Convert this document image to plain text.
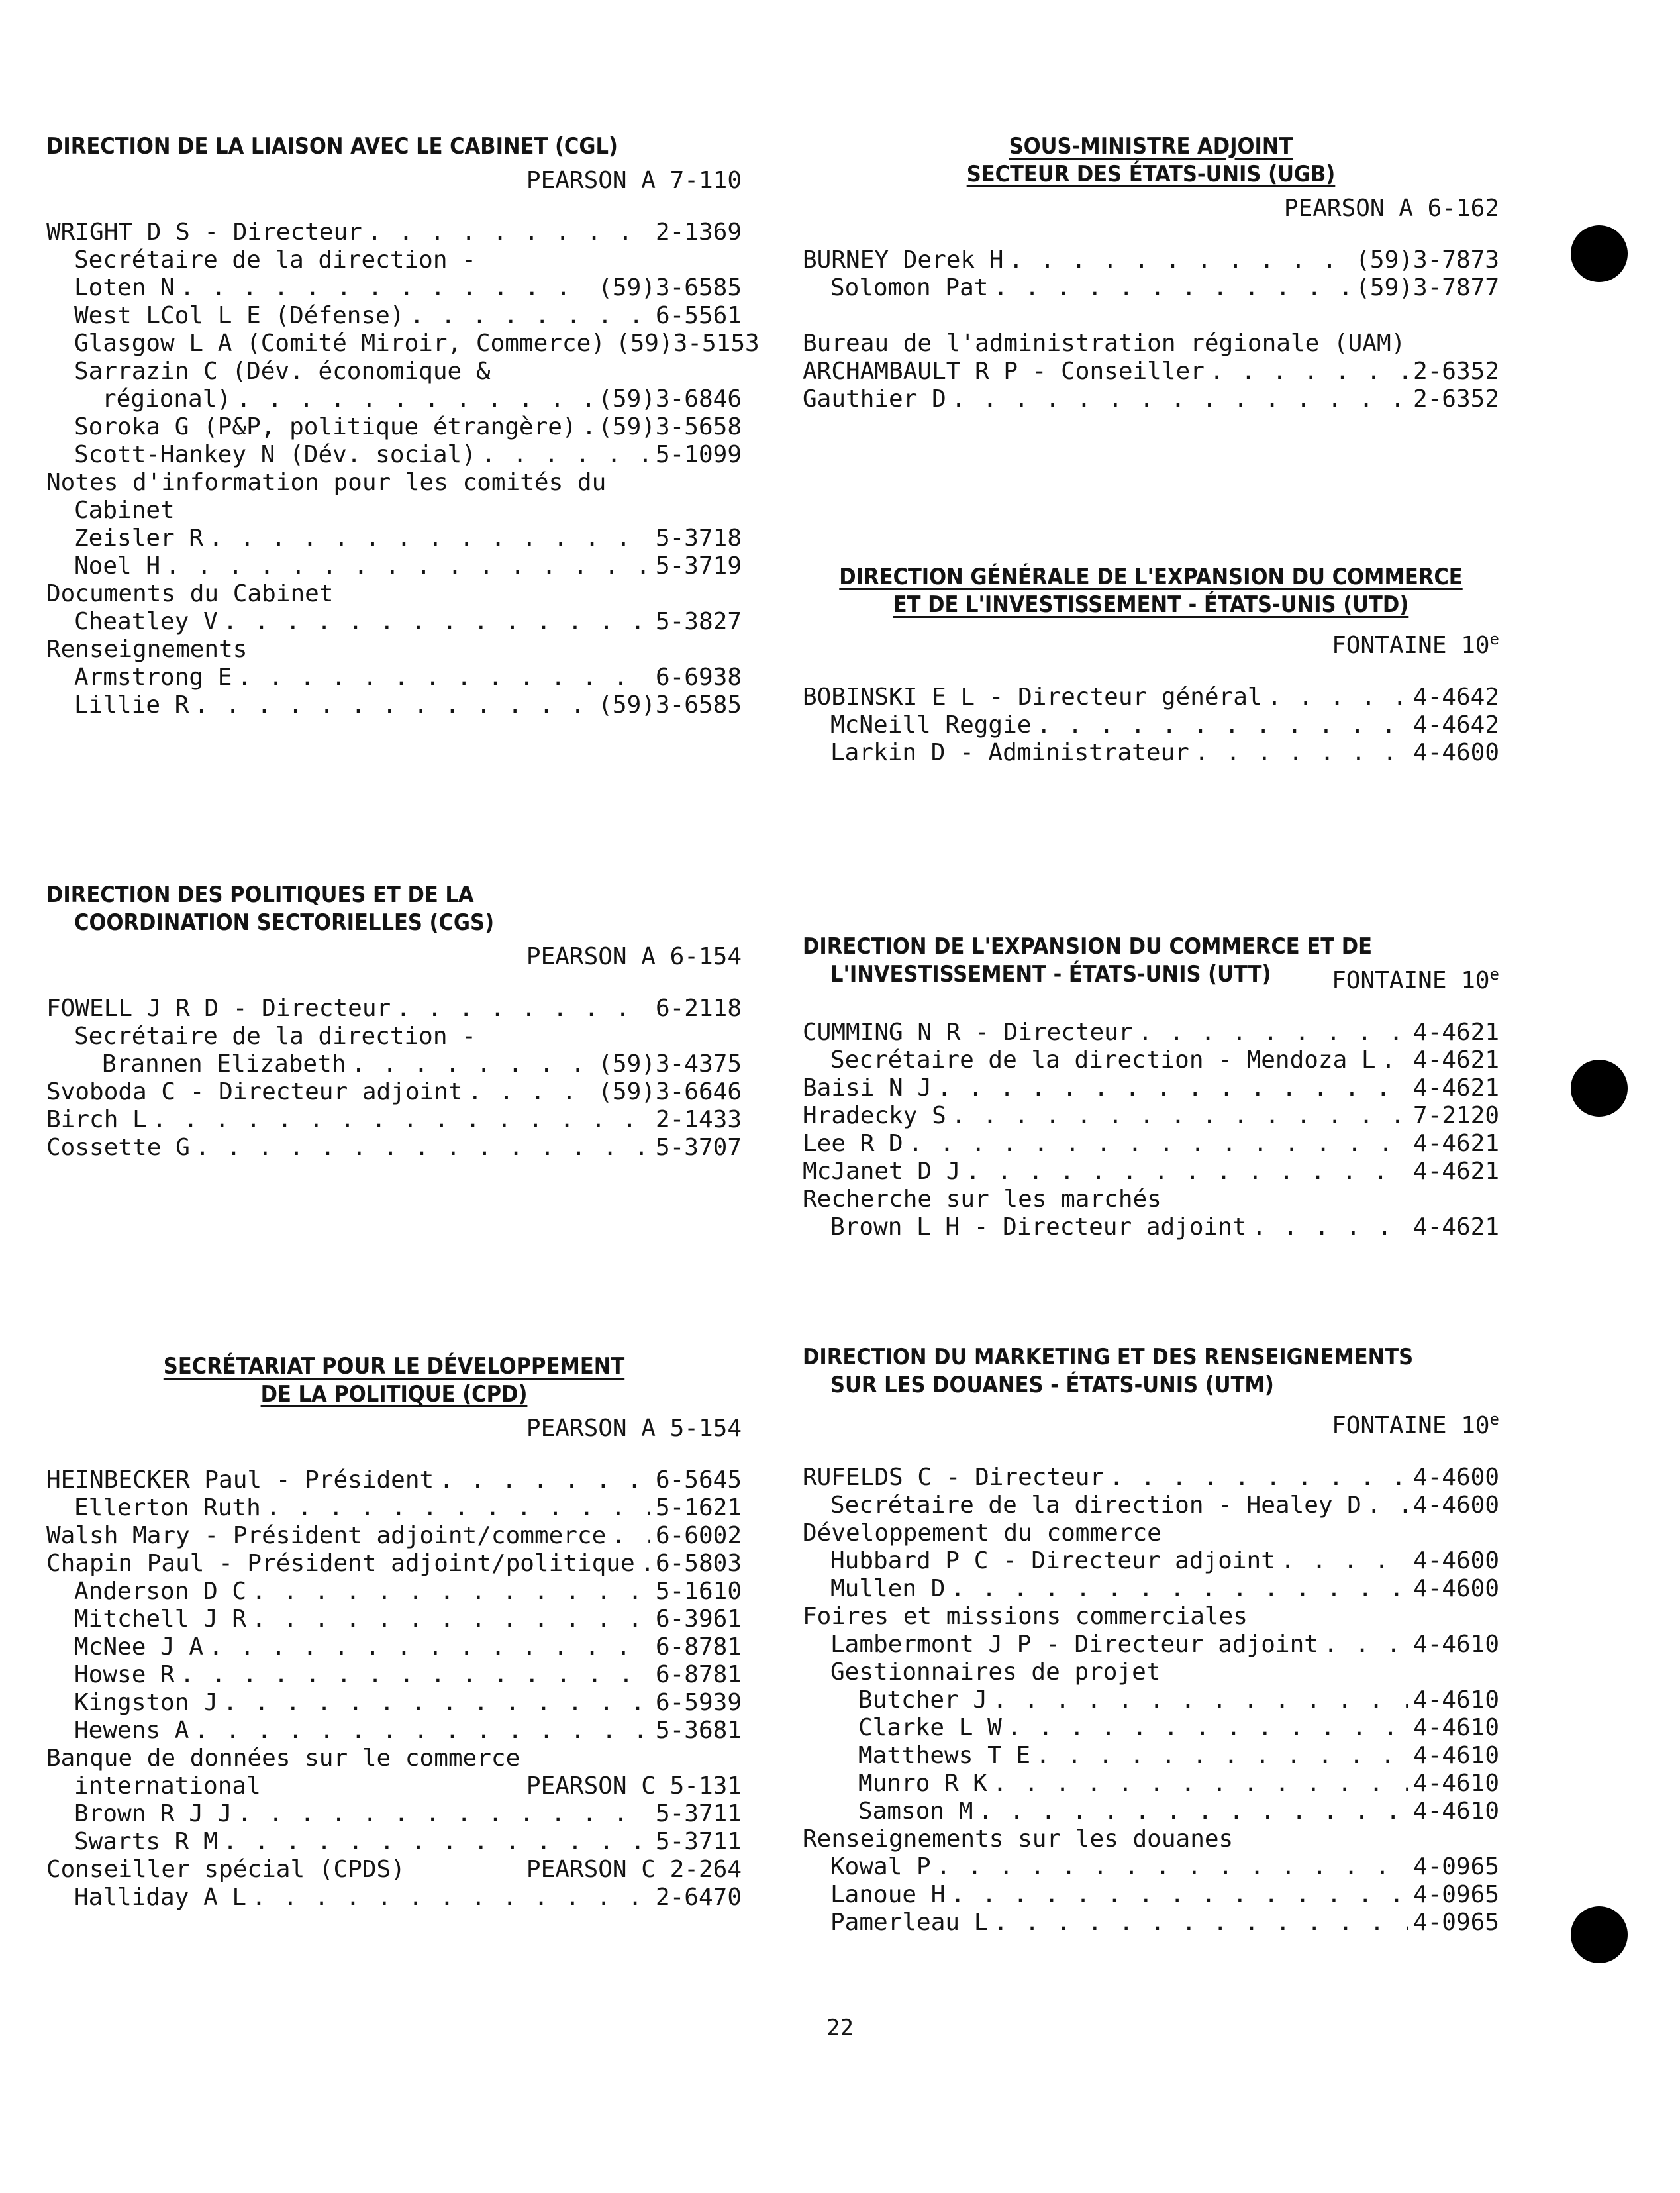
DIRECTION DE LA LIAISON AVEC LE CABINET (CGL)
PEARSON A 7-110
WRIGHT D S - Directeur . . .	2-1369
Secrétaire de la direction -
Loten N . . .	(59)3-6585
West LCol L E (Défense) . . .	6-5561
Glasgow L A (Comité Miroir, Commerce) (59)3-5153
Sarrazin C (Dév. économique &
régional) . . .	(59)3-6846
Soroka G (P&P, politique étrangère) . . . (59)3-5658
Scott-Hankey N (Dév. social) . . .	5-1099
Notes d'information pour les comités du
Cabinet
Zeisler R . . .	5-3718
Noel H . . .	5-3719
Documents du Cabinet
Cheatley V . . .	5-3827
Renseignements
Armstrong E . . .	6-6938
Lillie R . . .	(59)3-6585
DIRECTION DES POLITIQUES ET DE LA
COORDINATION SECTORIELLES (CGS)
PEARSON A 6-154
FOWELL J R D - Directeur . . .	6-2118
Secrétaire de la direction -
Brannen Elizabeth . . .	(59)3-4375
Svoboda C - Directeur adjoint . . .	(59)3-6646
Birch L . . .	2-1433
Cossette G . . .	5-3707
SECRÉTARIAT POUR LE DÉVELOPPEMENT
DE LA POLITIQUE (CPD)
PEARSON A 5-154
HEINBECKER Paul - Président . . .	6-5645
Ellerton Ruth . . .	5-1621
Walsh Mary - Président adjoint/commerce . . . 6-6002
Chapin Paul - Président adjoint/politique . . . 6-5803
Anderson D C . . .	5-1610
Mitchell J R . . .	6-3961
McNee J A . . .	6-8781
Howse R . . .	6-8781
Kingston J . . .	6-5939
Hewens A . . .	5-3681
Banque de données sur le commerce
international	PEARSON C 5-131
Brown R J J . . .	5-3711
Swarts R M . . .	5-3711
Conseiller spécial (CPDS)	PEARSON C 2-264
Halliday A L . . .	2-6470
SOUS-MINISTRE ADJOINT
SECTEUR DES ÉTATS-UNIS (UGB)
PEARSON A 6-162
BURNEY Derek H . . .	(59)3-7873
Solomon Pat . . .	(59)3-7877
Bureau de l'administration régionale (UAM)
ARCHAMBAULT R P - Conseiller . . .	2-6352
Gauthier D . . .	2-6352
DIRECTION GÉNÉRALE DE L'EXPANSION DU COMMERCE
ET DE L'INVESTISSEMENT - ÉTATS-UNIS (UTD)
FONTAINE 10e
BOBINSKI E L - Directeur général . . .	4-4642
McNeill Reggie . . .	4-4642
Larkin D - Administrateur . . .	4-4600
DIRECTION DE L'EXPANSION DU COMMERCE ET DE
L'INVESTISSEMENT - ÉTATS-UNIS (UTT)	FONTAINE 10e
CUMMING N R - Directeur . . .	4-4621
Secrétaire de la direction - Mendoza L . . . 4-4621
Baisi N J . . .	4-4621
Hradecky S . . .	7-2120
Lee R D . . .	4-4621
McJanet D J . . .	4-4621
Recherche sur les marchés
Brown L H - Directeur adjoint . . .	4-4621
DIRECTION DU MARKETING ET DES RENSEIGNEMENTS
SUR LES DOUANES - ÉTATS-UNIS (UTM)
FONTAINE 10e
RUFELDS C - Directeur . . .	4-4600
Secrétaire de la direction - Healey D . . . 4-4600
Développement du commerce
Hubbard P C - Directeur adjoint . . .	4-4600
Mullen D . . .	4-4600
Foires et missions commerciales
Lambermont J P - Directeur adjoint . . .	4-4610
Gestionnaires de projet
Butcher J . . .	4-4610
Clarke L W . . .	4-4610
Matthews T E . . .	4-4610
Munro R K . . .	4-4610
Samson M . . .	4-4610
Renseignements sur les douanes
Kowal P . . .	4-0965
Lanoue H . . .	4-0965
Pamerleau L . . .	4-0965
22
